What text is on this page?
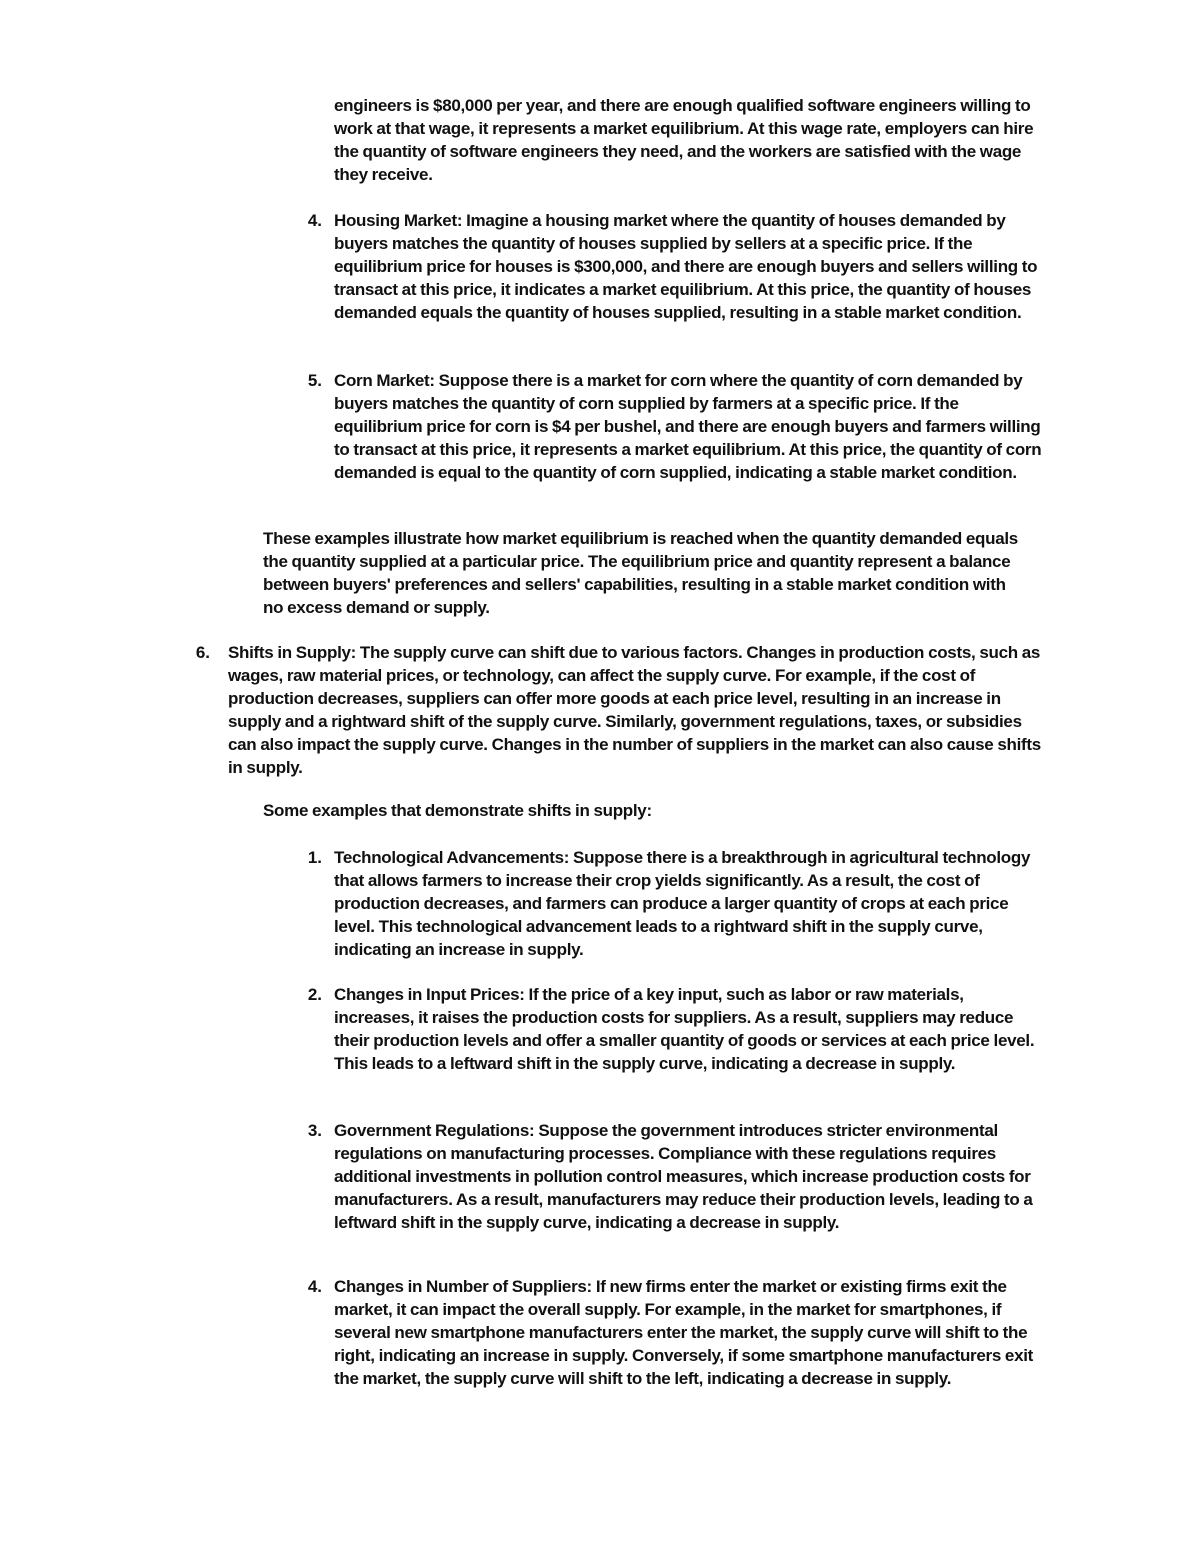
engineers is $80,000 per year, and there are enough qualified software engineers willing to work at that wage, it represents a market equilibrium. At this wage rate, employers can hire the quantity of software engineers they need, and the workers are satisfied with the wage they receive.

4. Housing Market: Imagine a housing market where the quantity of houses demanded by buyers matches the quantity of houses supplied by sellers at a specific price. If the equilibrium price for houses is $300,000, and there are enough buyers and sellers willing to transact at this price, it indicates a market equilibrium. At this price, the quantity of houses demanded equals the quantity of houses supplied, resulting in a stable market condition.

5. Corn Market: Suppose there is a market for corn where the quantity of corn demanded by buyers matches the quantity of corn supplied by farmers at a specific price. If the equilibrium price for corn is $4 per bushel, and there are enough buyers and farmers willing to transact at this price, it represents a market equilibrium. At this price, the quantity of corn demanded is equal to the quantity of corn supplied, indicating a stable market condition.

These examples illustrate how market equilibrium is reached when the quantity demanded equals the quantity supplied at a particular price. The equilibrium price and quantity represent a balance between buyers' preferences and sellers' capabilities, resulting in a stable market condition with no excess demand or supply.

6. Shifts in Supply: The supply curve can shift due to various factors. Changes in production costs, such as wages, raw material prices, or technology, can affect the supply curve. For example, if the cost of production decreases, suppliers can offer more goods at each price level, resulting in an increase in supply and a rightward shift of the supply curve. Similarly, government regulations, taxes, or subsidies can also impact the supply curve. Changes in the number of suppliers in the market can also cause shifts in supply.

Some examples that demonstrate shifts in supply:

1. Technological Advancements: Suppose there is a breakthrough in agricultural technology that allows farmers to increase their crop yields significantly. As a result, the cost of production decreases, and farmers can produce a larger quantity of crops at each price level. This technological advancement leads to a rightward shift in the supply curve, indicating an increase in supply.

2. Changes in Input Prices: If the price of a key input, such as labor or raw materials, increases, it raises the production costs for suppliers. As a result, suppliers may reduce their production levels and offer a smaller quantity of goods or services at each price level. This leads to a leftward shift in the supply curve, indicating a decrease in supply.

3. Government Regulations: Suppose the government introduces stricter environmental regulations on manufacturing processes. Compliance with these regulations requires additional investments in pollution control measures, which increase production costs for manufacturers. As a result, manufacturers may reduce their production levels, leading to a leftward shift in the supply curve, indicating a decrease in supply.

4. Changes in Number of Suppliers: If new firms enter the market or existing firms exit the market, it can impact the overall supply. For example, in the market for smartphones, if several new smartphone manufacturers enter the market, the supply curve will shift to the right, indicating an increase in supply. Conversely, if some smartphone manufacturers exit the market, the supply curve will shift to the left, indicating a decrease in supply.
